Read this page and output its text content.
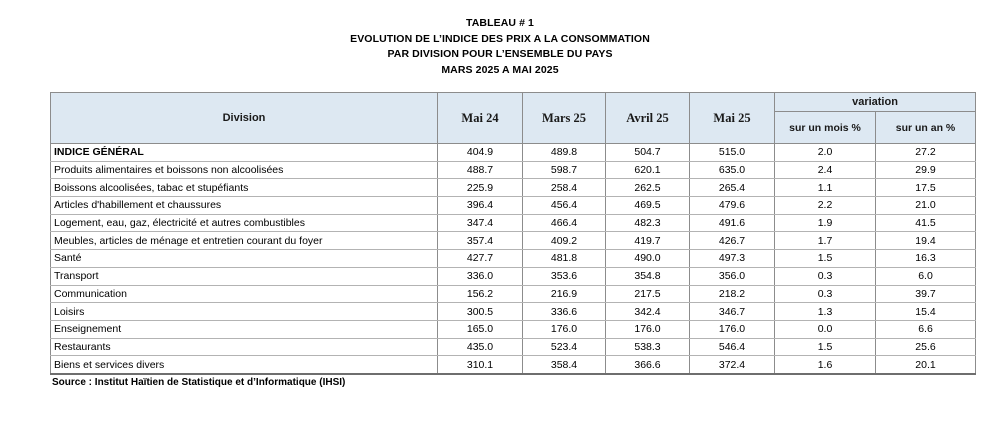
TABLEAU # 1
EVOLUTION DE L’INDICE DES PRIX A LA CONSOMMATION
PAR DIVISION POUR L’ENSEMBLE DU PAYS
MARS 2025 A MAI 2025
Division	Mai 24	Mars 25	Avril 25	Mai 25	variation	
					sur un mois %	sur un an %
INDICE GÉNÉRAL	404.9	489.8	504.7	515.0	2.0	27.2
Produits alimentaires et boissons non alcoolisées	488.7	598.7	620.1	635.0	2.4	29.9
Boissons alcoolisées, tabac et stupéfiants	225.9	258.4	262.5	265.4	1.1	17.5
Articles d'habillement et chaussures	396.4	456.4	469.5	479.6	2.2	21.0
Logement, eau, gaz, électricité et autres combustibles	347.4	466.4	482.3	491.6	1.9	41.5
Meubles, articles de ménage et entretien courant du foyer	357.4	409.2	419.7	426.7	1.7	19.4
Santé	427.7	481.8	490.0	497.3	1.5	16.3
Transport	336.0	353.6	354.8	356.0	0.3	6.0
Communication	156.2	216.9	217.5	218.2	0.3	39.7
Loisirs	300.5	336.6	342.4	346.7	1.3	15.4
Enseignement	165.0	176.0	176.0	176.0	0.0	6.6
Restaurants	435.0	523.4	538.3	546.4	1.5	25.6
Biens et services divers	310.1	358.4	366.6	372.4	1.6	20.1
Source : Institut Haïtien de Statistique et d’Informatique (IHSI)
